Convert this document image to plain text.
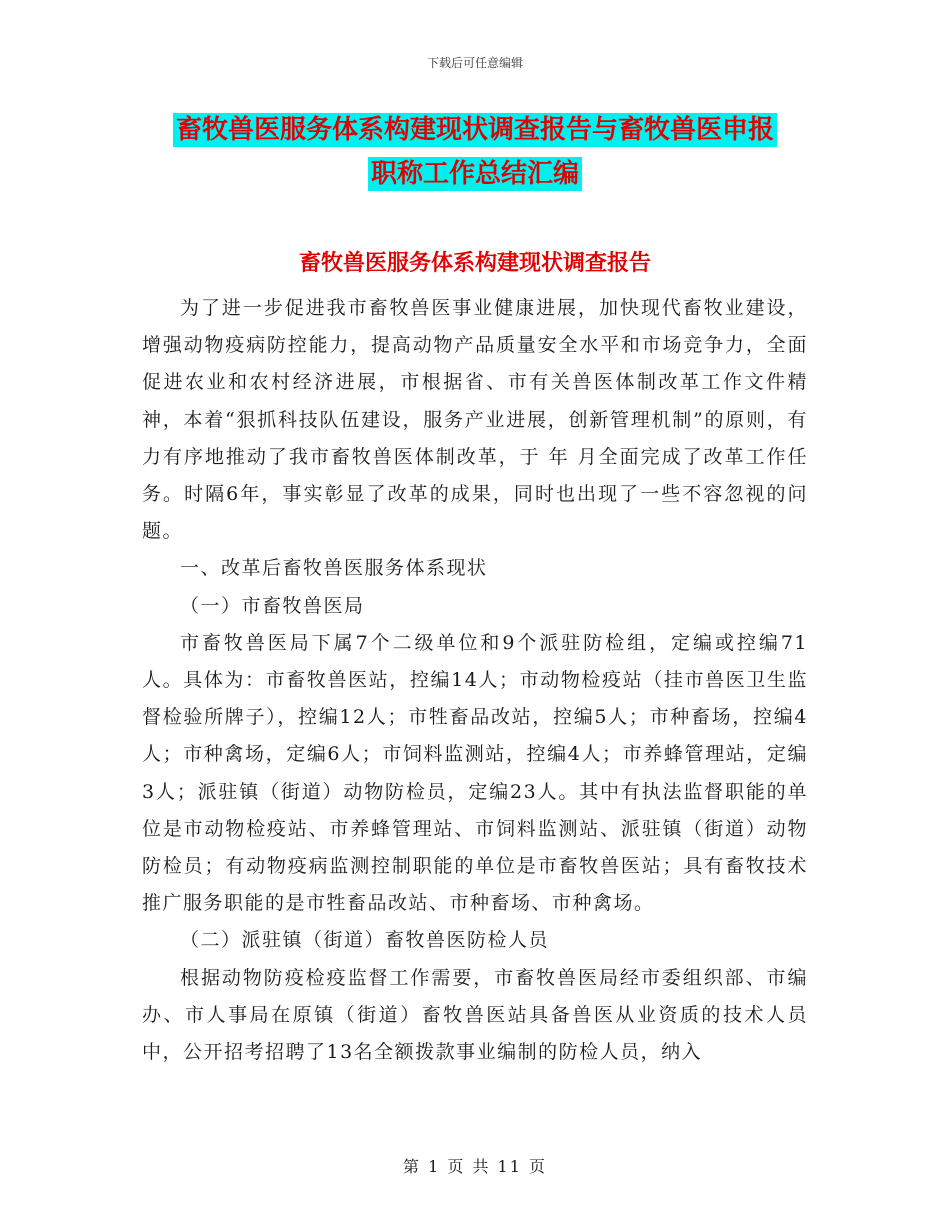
下载后可任意编辑
畜牧兽医服务体系构建现状调查报告与畜牧兽医申报
职称工作总结汇编
畜牧兽医服务体系构建现状调查报告

为了进一步促进我市畜牧兽医事业健康进展，加快现代畜牧业建设，增强动物疫病防控能力，提高动物产品质量安全水平和市场竞争力，全面促进农业和农村经济进展，市根据省、市有关兽医体制改革工作文件精神，本着“狠抓科技队伍建设，服务产业进展，创新管理机制”的原则，有力有序地推动了我市畜牧兽医体制改革，于 年 月全面完成了改革工作任务。时隔6年，事实彰显了改革的成果，同时也出现了一些不容忽视的问题。

一、改革后畜牧兽医服务体系现状

（一）市畜牧兽医局

市畜牧兽医局下属7个二级单位和9个派驻防检组，定编或控编71人。具体为：市畜牧兽医站，控编14人；市动物检疫站（挂市兽医卫生监督检验所牌子），控编12人；市牲畜品改站，控编5人；市种畜场，控编4人；市种禽场，定编6人；市饲料监测站，控编4人；市养蜂管理站，定编3人；派驻镇（街道）动物防检员，定编23人。其中有执法监督职能的单位是市动物检疫站、市养蜂管理站、市饲料监测站、派驻镇（街道）动物防检员；有动物疫病监测控制职能的单位是市畜牧兽医站；具有畜牧技术推广服务职能的是市牲畜品改站、市种畜场、市种禽场。

（二）派驻镇（街道）畜牧兽医防检人员

根据动物防疫检疫监督工作需要，市畜牧兽医局经市委组织部、市编办、市人事局在原镇（街道）畜牧兽医站具备兽医从业资质的技术人员中，公开招考招聘了13名全额拨款事业编制的防检人员，纳入

第 1 页 共 11 页
